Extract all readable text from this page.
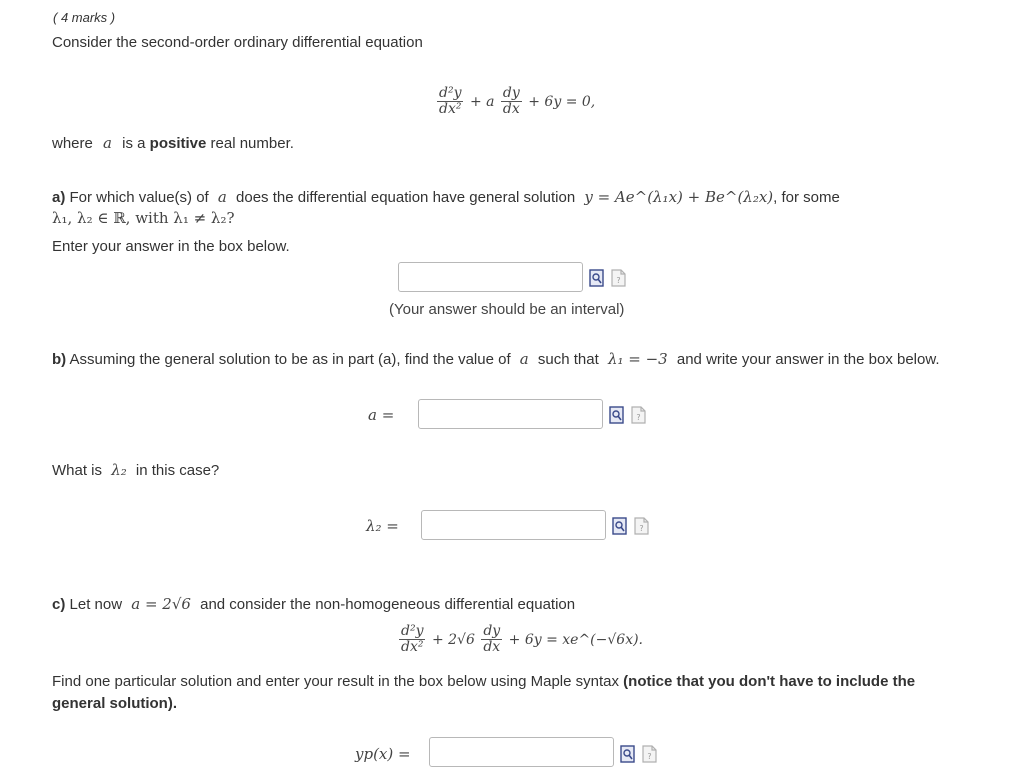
( 4 marks )
Consider the second-order ordinary differential equation
$\frac{\text{d²y}}{\text{dx²}} + a \frac{dy}{dx} + 6y = 0$,
where a is a positive real number.
a) For which value(s) of a does the differential equation have general solution y = Ae^(λ₁x) + Be^(λ₂x), for some
λ₁, λ₂ ∈ ℝ, with λ₁ ≠ λ₂?
Enter your answer in the box below.
?
(Your answer should be an interval)
b) Assuming the general solution to be as in part (a), find the value of a such that λ₁ = −3 and write your answer in the box below.
a =	?
What is λ₂ in this case?
λ₂ =	?
c) Let now a = 2√6 and consider the non-homogeneous differential equation
$\frac{\text{d²y}}{\text{dx²}} + 2√6 \frac{dy}{dx} + 6y$ = xe^(−√6x).
Find one particular solution and enter your result in the box below using Maple syntax (notice that you don't have to include the general solution).
yp(x) =	?
